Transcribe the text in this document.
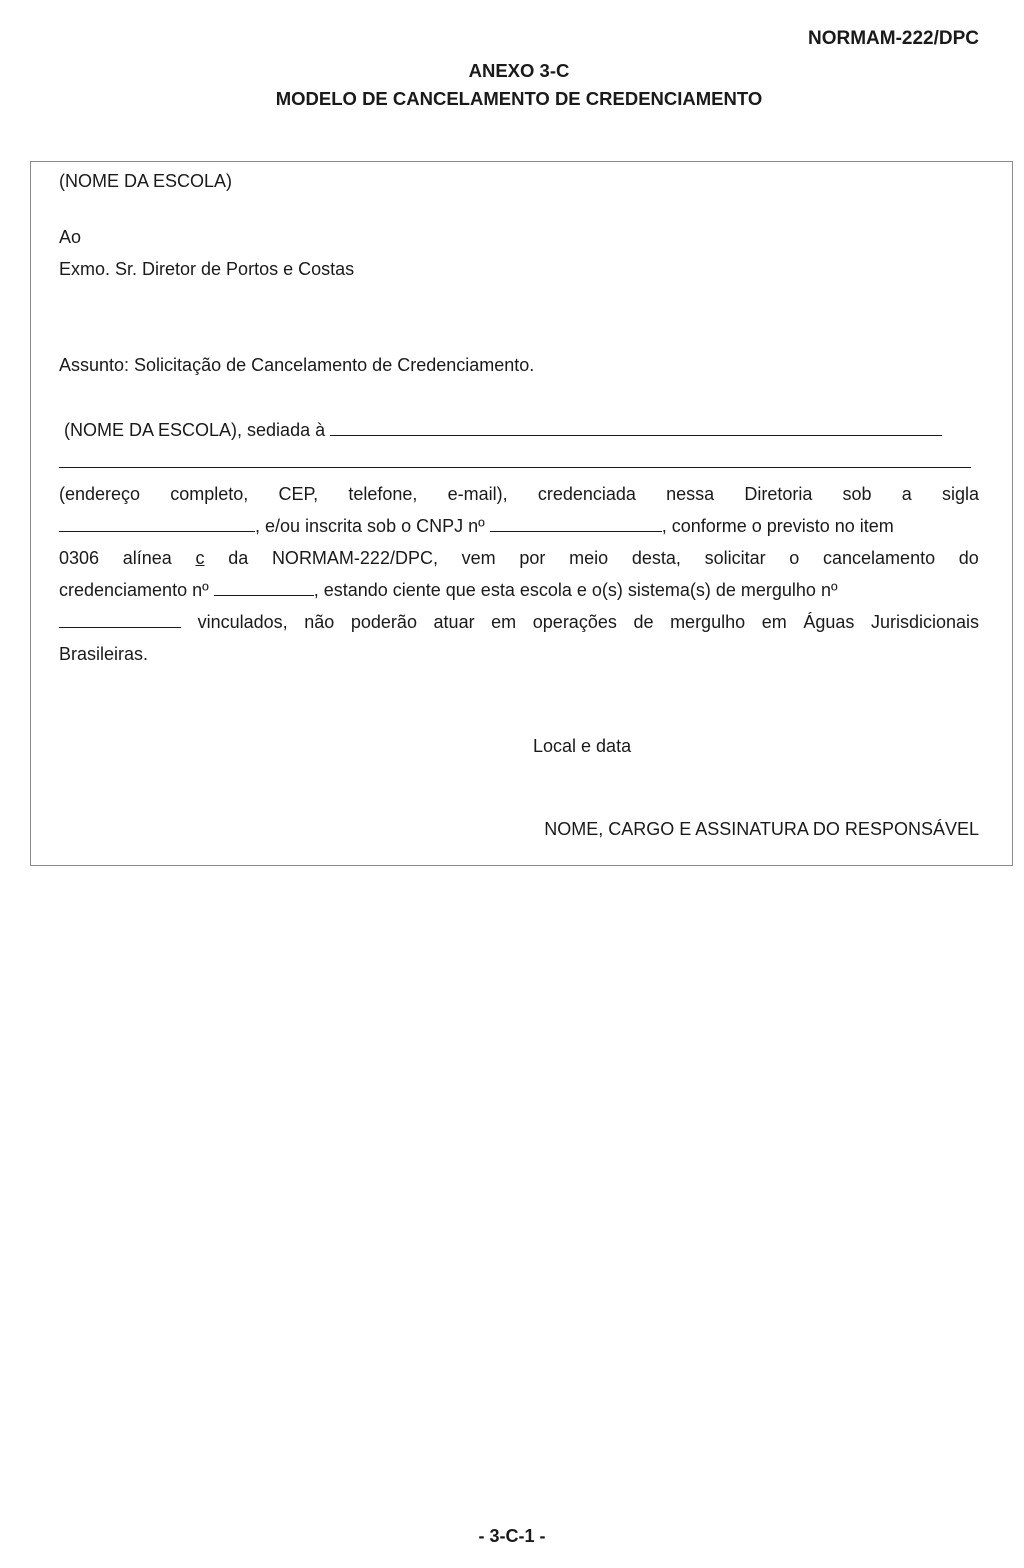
NORMAM-222/DPC
ANEXO 3-C
MODELO DE CANCELAMENTO DE CREDENCIAMENTO
(NOME DA ESCOLA)
Ao
Exmo. Sr. Diretor de Portos e Costas
Assunto: Solicitação de Cancelamento de Credenciamento.
(NOME DA ESCOLA), sediada à
(endereço completo, CEP, telefone, e-mail), credenciada nessa Diretoria sob a sigla
, e/ou inscrita sob o CNPJ nº	, conforme o previsto no item
0306 alínea c da NORMAM-222/DPC, vem por meio desta, solicitar o cancelamento do
credenciamento nº	, estando ciente que esta escola e o(s) sistema(s) de mergulho nº
vinculados, não poderão atuar em operações de mergulho em Águas Jurisdicionais
Brasileiras.
Local e data
NOME, CARGO E ASSINATURA DO RESPONSÁVEL
- 3-C-1 -
